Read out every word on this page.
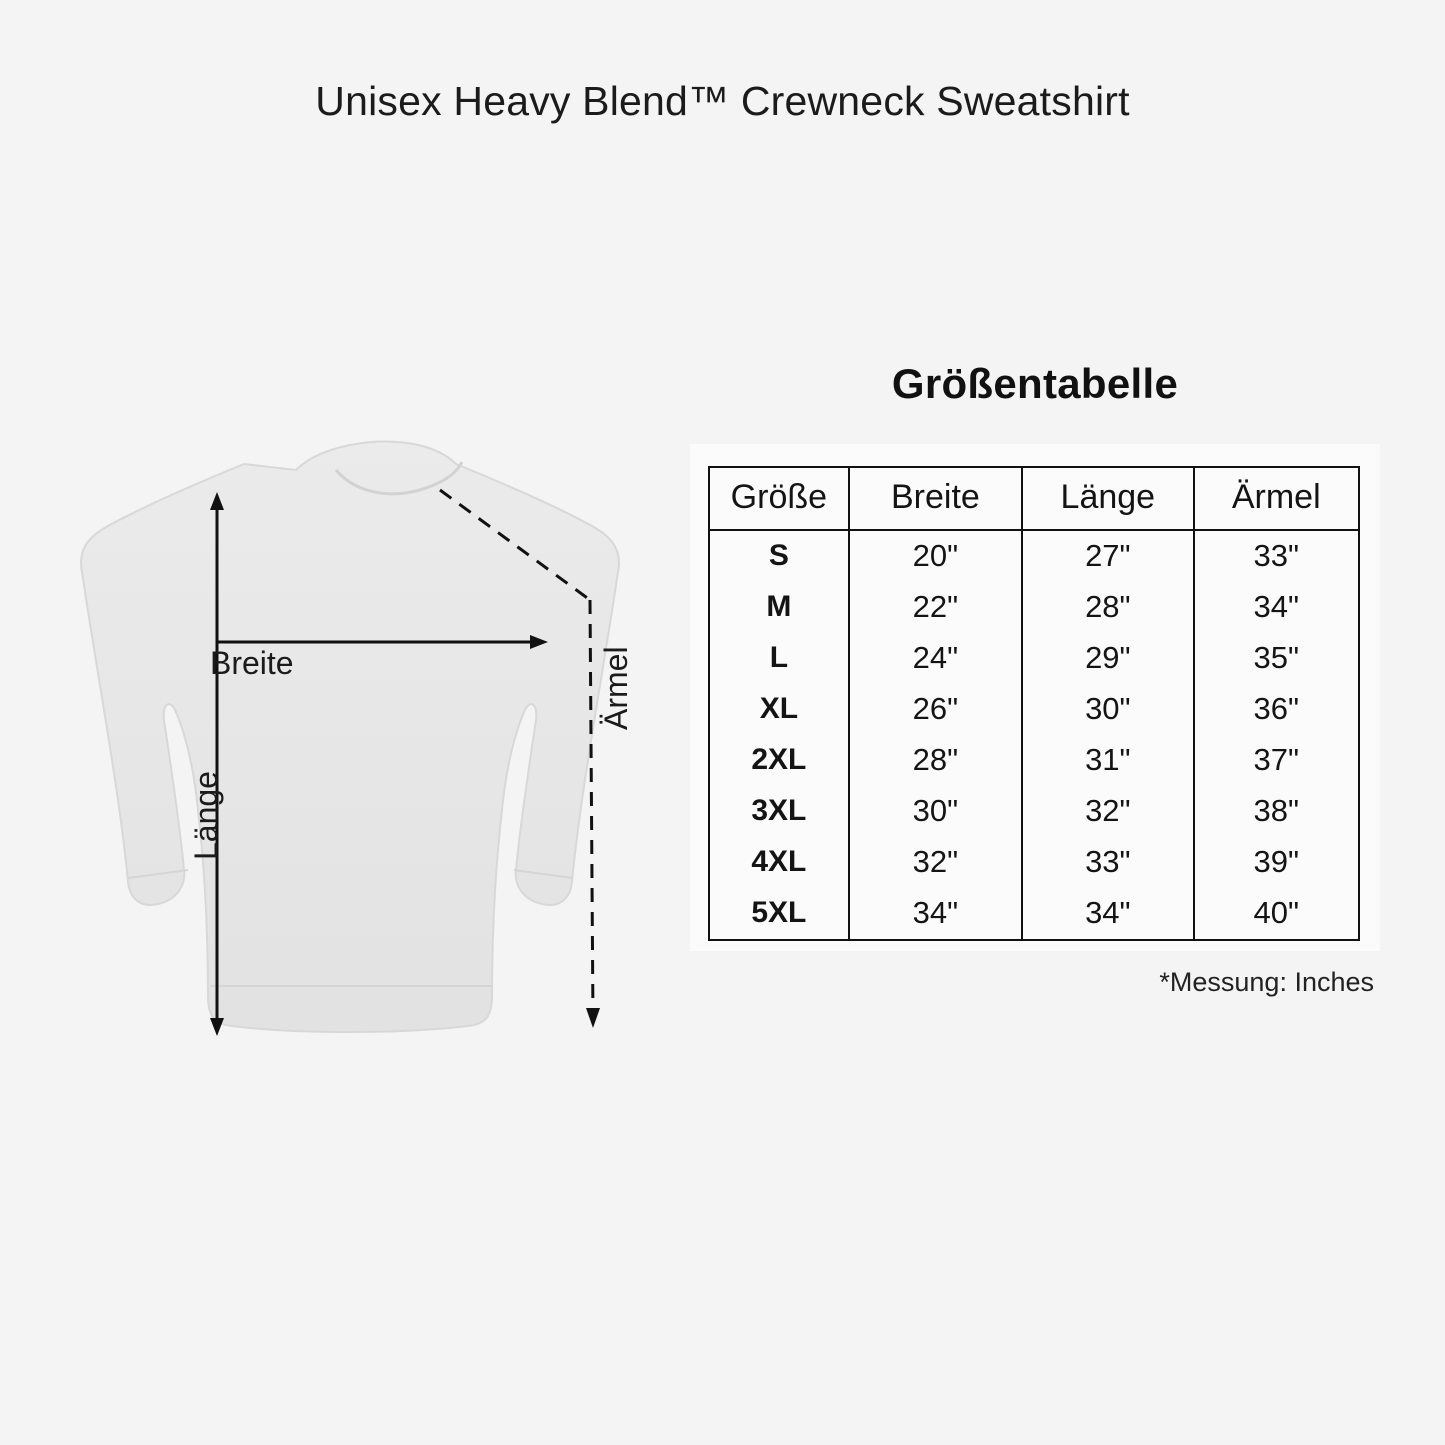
Unisex Heavy Blend™ Crewneck Sweatshirt
Breite
Länge
Ärmel
Größentabelle
Größe	Breite	Länge	Ärmel
S	20"	27"	33"
M	22"	28"	34"
L	24"	29"	35"
XL	26"	30"	36"
2XL	28"	31"	37"
3XL	30"	32"	38"
4XL	32"	33"	39"
5XL	34"	34"	40"
*Messung: Inches
